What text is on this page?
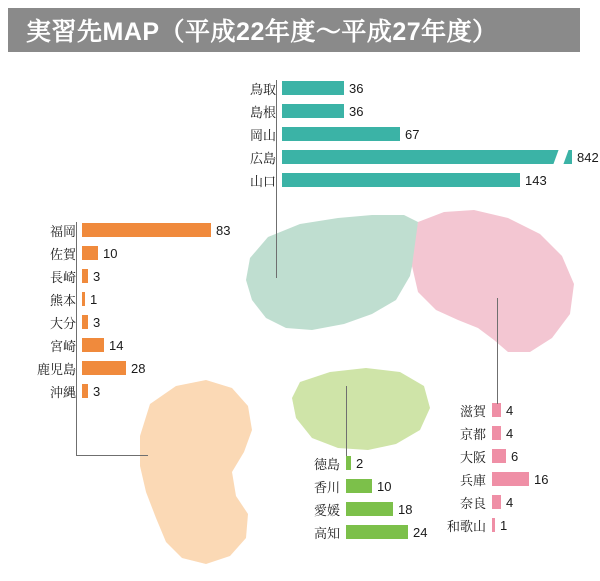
実習先MAP（平成22年度〜平成27年度）
鳥取	36
島根	36
岡山	67
広島	842
山口	143
福岡	83
佐賀	10
長崎	3
熊本	1
大分	3
宮崎	14
鹿児島	28
沖縄	3
徳島	2
香川	10
愛媛	18
高知	24
滋賀	4
京都	4
大阪	6
兵庫	16
奈良	4
和歌山	1
